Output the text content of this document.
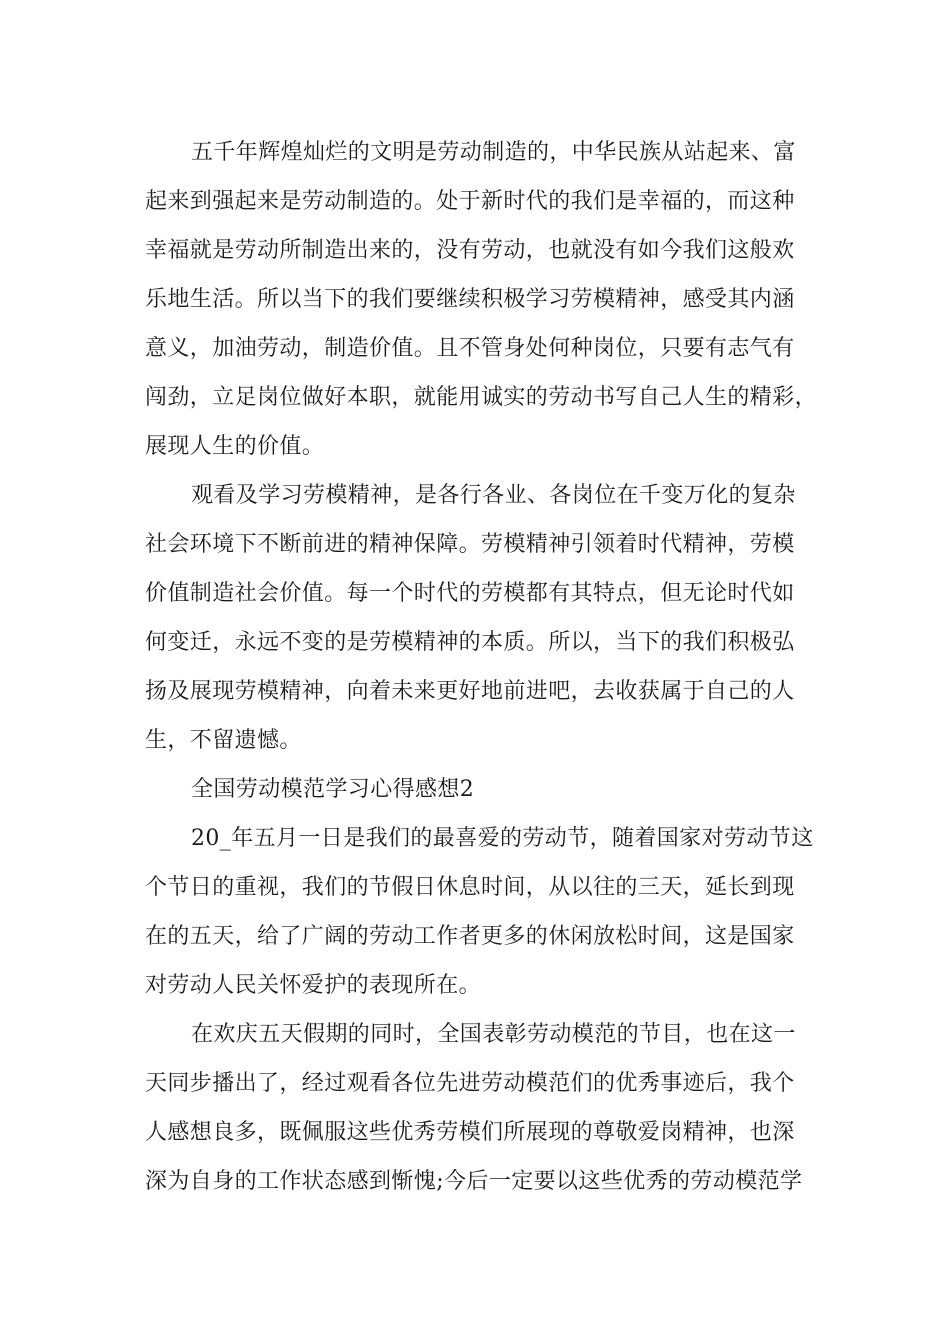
五千年辉煌灿烂的文明是劳动制造的，中华民族从站起来、富
起来到强起来是劳动制造的。处于新时代的我们是幸福的，而这种
幸福就是劳动所制造出来的，没有劳动，也就没有如今我们这般欢
乐地生活。所以当下的我们要继续积极学习劳模精神，感受其内涵
意义，加油劳动，制造价值。且不管身处何种岗位，只要有志气有
闯劲，立足岗位做好本职，就能用诚实的劳动书写自己人生的精彩，
展现人生的价值。
观看及学习劳模精神，是各行各业、各岗位在千变万化的复杂
社会环境下不断前进的精神保障。劳模精神引领着时代精神，劳模
价值制造社会价值。每一个时代的劳模都有其特点，但无论时代如
何变迁，永远不变的是劳模精神的本质。所以，当下的我们积极弘
扬及展现劳模精神，向着未来更好地前进吧，去收获属于自己的人
生，不留遗憾。
全国劳动模范学习心得感想2
20_年五月一日是我们的最喜爱的劳动节，随着国家对劳动节这
个节日的重视，我们的节假日休息时间，从以往的三天，延长到现
在的五天，给了广阔的劳动工作者更多的休闲放松时间，这是国家
对劳动人民关怀爱护的表现所在。
在欢庆五天假期的同时，全国表彰劳动模范的节目，也在这一
天同步播出了，经过观看各位先进劳动模范们的优秀事迹后，我个
人感想良多，既佩服这些优秀劳模们所展现的尊敬爱岗精神，也深
深为自身的工作状态感到惭愧;今后一定要以这些优秀的劳动模范学
